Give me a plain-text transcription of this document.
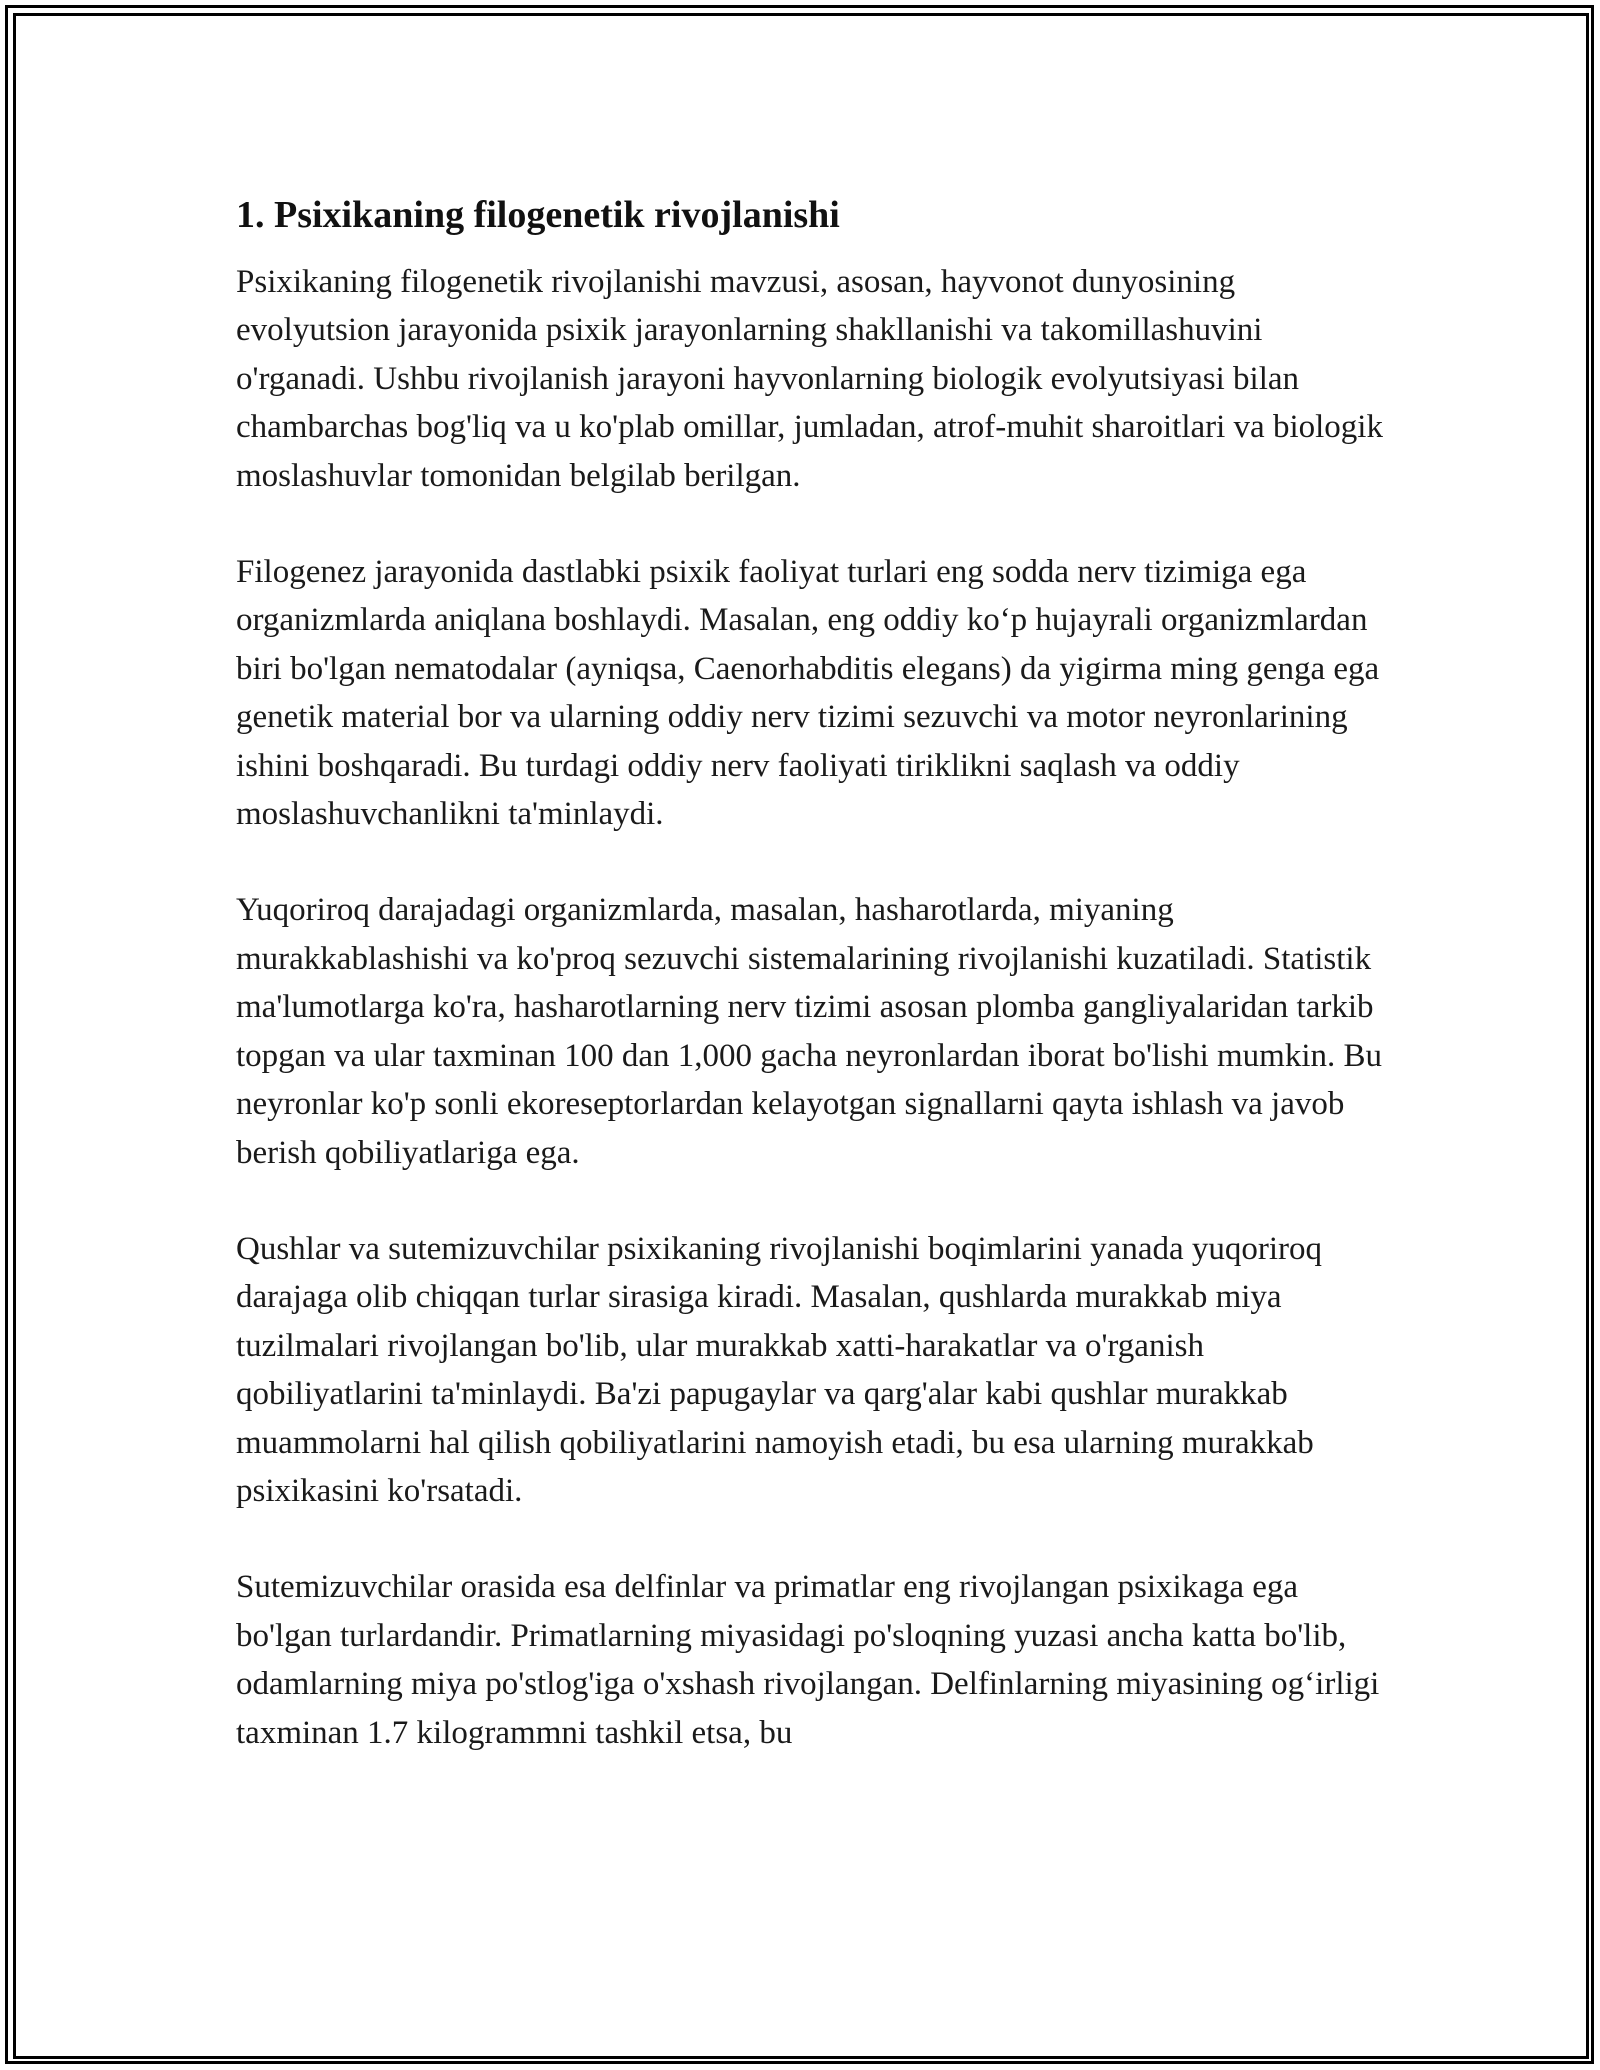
1. Psixikaning filogenetik rivojlanishi

Psixikaning filogenetik rivojlanishi mavzusi, asosan, hayvonot dunyosining evolyutsion jarayonida psixik jarayonlarning shakllanishi va takomillashuvini o'rganadi. Ushbu rivojlanish jarayoni hayvonlarning biologik evolyutsiyasi bilan chambarchas bog'liq va u ko'plab omillar, jumladan, atrof-muhit sharoitlari va biologik moslashuvlar tomonidan belgilab berilgan.

Filogenez jarayonida dastlabki psixik faoliyat turlari eng sodda nerv tizimiga ega organizmlarda aniqlana boshlaydi. Masalan, eng oddiy ko‘p hujayrali organizmlardan biri bo'lgan nematodalar (ayniqsa, Caenorhabditis elegans) da yigirma ming genga ega genetik material bor va ularning oddiy nerv tizimi sezuvchi va motor neyronlarining ishini boshqaradi. Bu turdagi oddiy nerv faoliyati tiriklikni saqlash va oddiy moslashuvchanlikni ta'minlaydi.

Yuqoriroq darajadagi organizmlarda, masalan, hasharotlarda, miyaning murakkablashishi va ko'proq sezuvchi sistemalarining rivojlanishi kuzatiladi. Statistik ma'lumotlarga ko'ra, hasharotlarning nerv tizimi asosan plomba gangliyalaridan tarkib topgan va ular taxminan 100 dan 1,000 gacha neyronlardan iborat bo'lishi mumkin. Bu neyronlar ko'p sonli ekoreseptorlardan kelayotgan signallarni qayta ishlash va javob berish qobiliyatlariga ega.

Qushlar va sutemizuvchilar psixikaning rivojlanishi boqimlarini yanada yuqoriroq darajaga olib chiqqan turlar sirasiga kiradi. Masalan, qushlarda murakkab miya tuzilmalari rivojlangan bo'lib, ular murakkab xatti-harakatlar va o'rganish qobiliyatlarini ta'minlaydi. Ba'zi papugaylar va qarg'alar kabi qushlar murakkab muammolarni hal qilish qobiliyatlarini namoyish etadi, bu esa ularning murakkab psixikasini ko'rsatadi.

Sutemizuvchilar orasida esa delfinlar va primatlar eng rivojlangan psixikaga ega bo'lgan turlardandir. Primatlarning miyasidagi po'sloqning yuzasi ancha katta bo'lib, odamlarning miya po'stlog'iga o'xshash rivojlangan. Delfinlarning miyasining og‘irligi taxminan 1.7 kilogrammni tashkil etsa, bu
